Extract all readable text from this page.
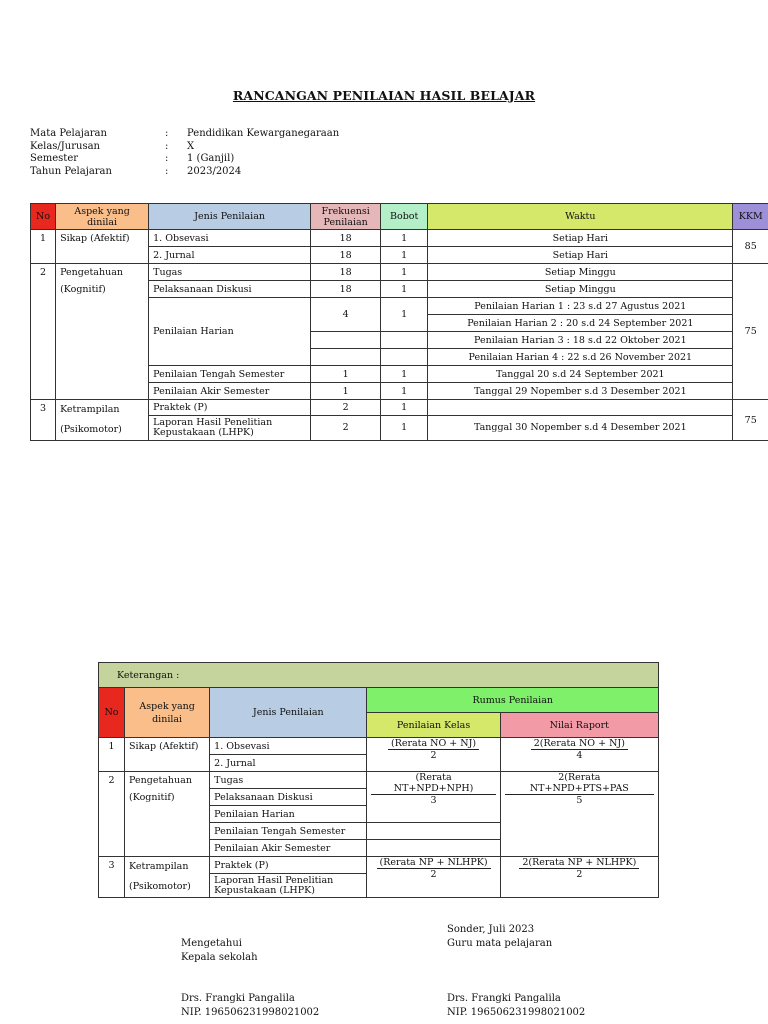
RANCANGAN PENILAIAN HASIL BELAJAR
Mata Pelajaran	:	Pendidikan Kewarganegaraan
Kelas/Jurusan	:	X
Semester	:	1 (Ganjil)
Tahun Pelajaran	:	2023/2024
No	Aspek yang dinilai	Jenis Penilaian	Frekuensi Penilaian	Bobot	Waktu	KKM
1	Sikap (Afektif)	1. Obsevasi	18	1	Setiap Hari	85
		2. Jurnal	18	1	Setiap Hari	
2	Pengetahuan
(Kognitif)	Tugas	18	1	Setiap Minggu	75
		Pelaksanaan Diskusi	18	1	Setiap Minggu	
		Penilaian Harian	4	1	Penilaian Harian 1 : 23 s.d 27 Agustus 2021	
					Penilaian Harian 2 : 20 s.d 24 September 2021	
					Penilaian Harian 3 : 18 s.d 22 Oktober 2021	
					Penilaian Harian 4 : 22 s.d 26 November 2021	
		Penilaian Tengah Semester	1	1	Tanggal 20 s.d 24 September 2021	
		Penilaian Akir Semester	1	1	Tanggal 29 Nopember s.d 3 Desember 2021	
3	Ketrampilan
(Psikomotor)	Praktek (P)	2	1		75
		Laporan Hasil Penelitian Kepustakaan (LHPK)	2	1	Tanggal 30 Nopember s.d 4 Desember 2021	
Keterangan :				
No	Aspek yang dinilai	Jenis Penilaian	Rumus Penilaian	
			Penilaian Kelas	Nilai Raport
1	Sikap (Afektif)	1. Obsevasi	$\frac{\text{(Rerata NO + NJ)}}{2}$	$\frac{\text{2(Rerata NO + NJ)}}{4}$

		2. Jurnal		
2	Pengetahuan
(Kognitif)	Tugas	$\frac{\text{(Rerata NT+NPD+NPH)}}{3}$	$\frac{\text{2(Rerata NT+NPD+PTS+PAS}}{5}$

		Pelaksanaan Diskusi		
		Penilaian Harian		
		Penilaian Tengah Semester		
		Penilaian Akir Semester		
3	Ketrampilan
(Psikomotor)	Praktek (P)	$\frac{\text{(Rerata NP + NLHPK)}}{2}$	$\frac{\text{2(Rerata NP + NLHPK)}}{2}$

		Laporan Hasil Penelitian Kepustakaan (LHPK)		
Mengetahui
Kepala sekolah
Drs. Frangki Pangalila
NIP. 196506231998021002
Sonder, Juli 2023
Guru mata pelajaran
Drs. Frangki Pangalila
NIP. 196506231998021002
